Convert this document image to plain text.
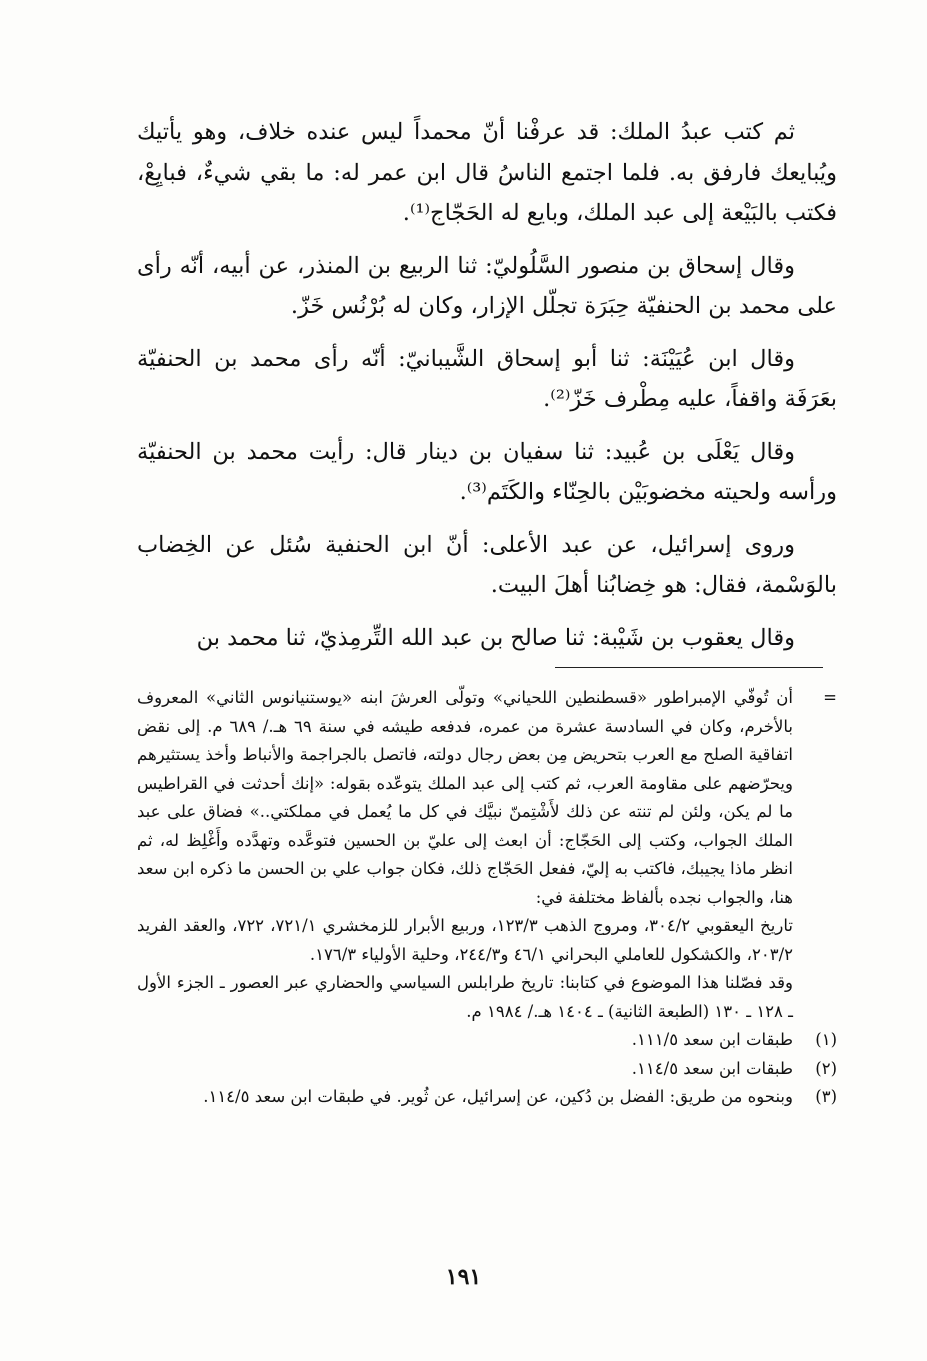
ثم كتب عبدُ الملك: قد عرفْنا أنّ محمداً ليس عنده خلاف، وهو يأتيك ويُبايعك فارفق به. فلما اجتمع الناسُ قال ابن عمر له: ما بقي شيءٌ، فبايِعْ، فكتب بالبَيْعة إلى عبد الملك، وبايع له الحَجّاج⁽¹⁾.

وقال إسحاق بن منصور السَّلُوليّ: ثنا الربيع بن المنذر، عن أبيه، أنّه رأى على محمد بن الحنفيّة حِبَرَة تجلّل الإزار، وكان له بُرْنُس خَزّ.

وقال ابن عُيَيْنَة: ثنا أبو إسحاق الشَّيبانيّ: أنّه رأى محمد بن الحنفيّة بعَرَفَة واقفاً، عليه مِطْرف خَزّ⁽²⁾.

وقال يَعْلَى بن عُبيد: ثنا سفيان بن دينار قال: رأيت محمد بن الحنفيّة ورأسه ولحيته مخضوبَيْن بالحِنّاء والكَتَم⁽³⁾.

وروى إسرائيل، عن عبد الأعلى: أنّ ابن الحنفية سُئل عن الخِضاب بالوَسْمة، فقال: هو خِضابُنا أهلَ البيت.

وقال يعقوب بن شَيْبة: ثنا صالح بن عبد الله التِّرمِذيّ، ثنا محمد بن

=
أن تُوفّي الإمبراطور «قسطنطين اللحياني» وتولّى العرشَ ابنه «يوستنيانوس الثاني» المعروف بالأخرم، وكان في السادسة عشرة من عمره، فدفعه طيشه في سنة ٦٩ هـ./ ٦٨٩ م. إلى نقض اتفاقية الصلح مع العرب بتحريض مِن بعض رجال دولته، فاتصل بالجراجمة والأنباط وأخذ يستثيرهم ويحرّضهم على مقاومة العرب، ثم كتب إلى عبد الملك يتوعّده بقوله: «إنك أحدثت في القراطيس ما لم يكن، ولئن لم تنته عن ذلك لأَشْتِمنّ نبيَّك في كل ما يُعمل في مملكتي..» فضاق على عبد الملك الجواب، وكتب إلى الحَجّاج: أن ابعث إلى عليّ بن الحسين فتوعَّده وتهدَّده وأَغْلِظ له، ثم انظر ماذا يجيبك، فاكتب به إليّ، ففعل الحَجّاج ذلك، فكان جواب علي بن الحسن ما ذكره ابن سعد هنا، والجواب نجده بألفاظ مختلفة في:

تاريخ اليعقوبي ٣٠٤/٢، ومروج الذهب ١٢٣/٣، وربيع الأبرار للزمخشري ٧٢١/١، ٧٢٢، والعقد الفريد ٢٠٣/٢، والكشكول للعاملي البحراني ٤٦/١ و٢٤٤/٣، وحلية الأولياء ١٧٦/٣.

وقد فصّلنا هذا الموضوع في كتابنا: تاريخ طرابلس السياسي والحضاري عبر العصور ـ الجزء الأول ـ ١٢٨ ـ ١٣٠ (الطبعة الثانية) ـ ١٤٠٤ هـ./ ١٩٨٤ م.

(١)
طبقات ابن سعد ١١١/٥.

(٢)
طبقات ابن سعد ١١٤/٥.

(٣)
وبنحوه من طريق: الفضل بن دُكين، عن إسرائيل، عن ثُوير. في طبقات ابن سعد ١١٤/٥.

١٩١
